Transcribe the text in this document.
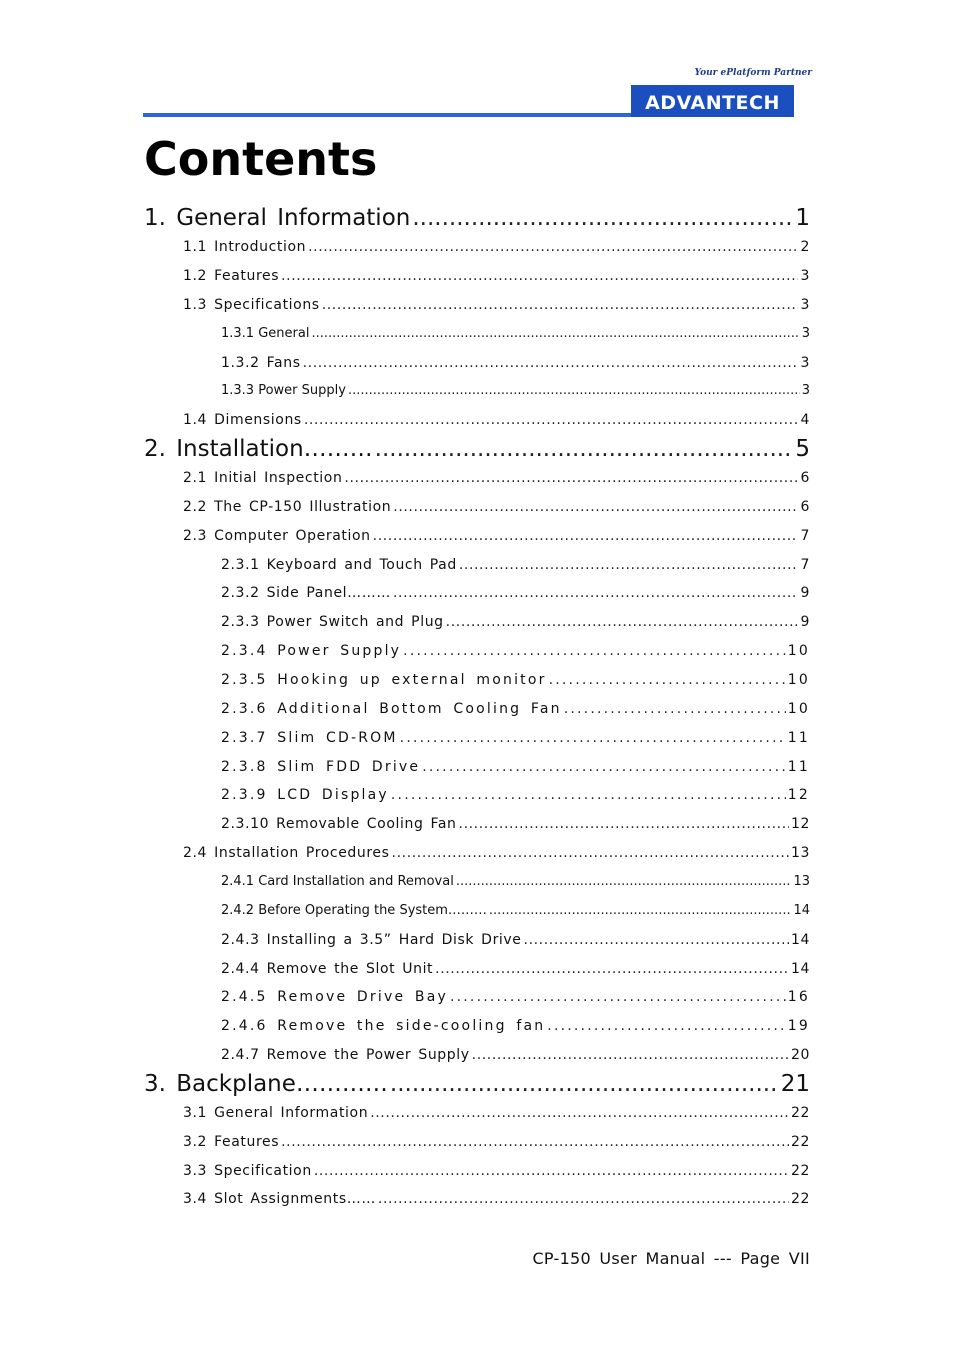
Your ePlatform Partner
ADVANTECH
Contents
1. General Information .....	1
1.1 Introduction .....	2
1.2 Features .....	3
1.3 Specifications .....	3
1.3.1 General .....	3
1.3.2 Fans .....	3
1.3.3 Power Supply .....	3
1.4 Dimensions .....	4
2. Installation……… .....	5
2.1 Initial Inspection .....	6
2.2 The CP-150 Illustration .....	6
2.3 Computer Operation .....	7
2.3.1 Keyboard and Touch Pad .....	7
2.3.2 Side Panel……… .....	9
2.3.3 Power Switch and Plug .....	9
2.3.4 Power Supply .....	10
2.3.5 Hooking up external monitor .....	10
2.3.6 Additional Bottom Cooling Fan .....	10
2.3.7 Slim CD-ROM .....	11
2.3.8 Slim FDD Drive .....	11
2.3.9 LCD Display .....	12
2.3.10 Removable Cooling Fan .....	12
2.4 Installation Procedures .....	13
2.4.1 Card Installation and Removal .....	13
2.4.2 Before Operating the System……… .....	14
2.4.3 Installing a 3.5” Hard Disk Drive .....	14
2.4.4 Remove the Slot Unit .....	14
2.4.5 Remove Drive Bay .....	16
2.4.6 Remove the side-cooling fan .....	19
2.4.7 Remove the Power Supply .....	20
3. Backplane………… .....	21
3.1 General Information .....	22
3.2 Features .....	22
3.3 Specification .....	22
3.4 Slot Assignments…… .....	22
CP-150 User Manual --- Page VII
